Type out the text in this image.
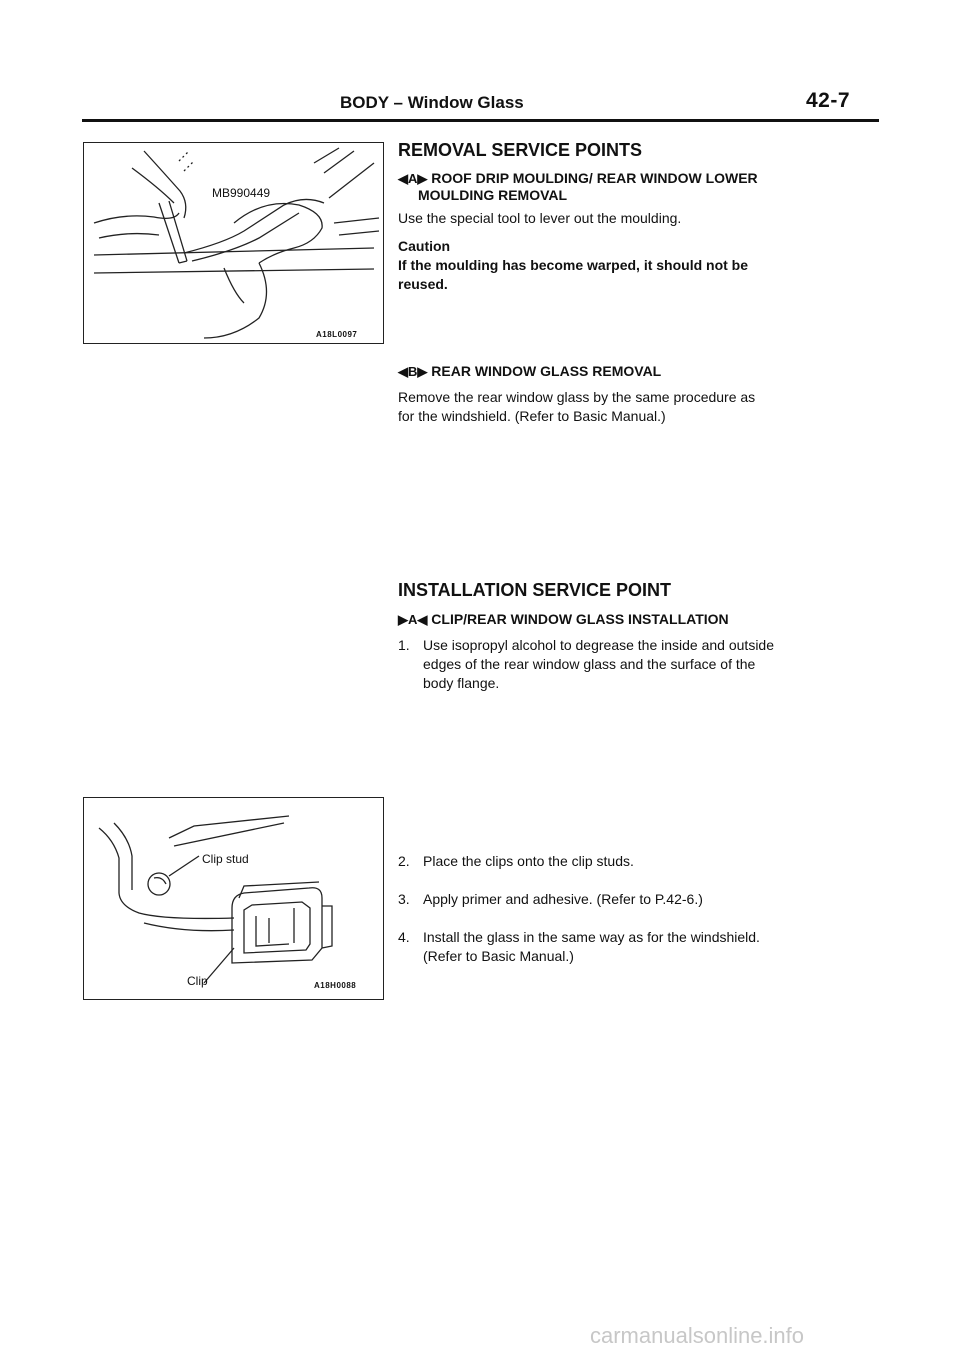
BODY – Window Glass	42-7
MB990449
A18L0097
Clip stud
Clip	A18H0088
REMOVAL SERVICE POINTS
◀A▶ ROOF DRIP MOULDING/ REAR WINDOW LOWER
MOULDING REMOVAL
Use the special tool to lever out the moulding.
Caution
If the moulding has become warped, it should not be
reused.
◀B▶ REAR WINDOW GLASS REMOVAL
Remove the rear window glass by the same procedure as
for the windshield. (Refer to Basic Manual.)
INSTALLATION SERVICE POINT
▶A◀ CLIP/REAR WINDOW GLASS INSTALLATION
1. Use isopropyl alcohol to degrease the inside and outside
edges of the rear window glass and the surface of the
body flange.
2. Place the clips onto the clip studs.
3. Apply primer and adhesive. (Refer to P.42-6.)
4. Install the glass in the same way as for the windshield.
(Refer to Basic Manual.)
carmanualsonline.info
